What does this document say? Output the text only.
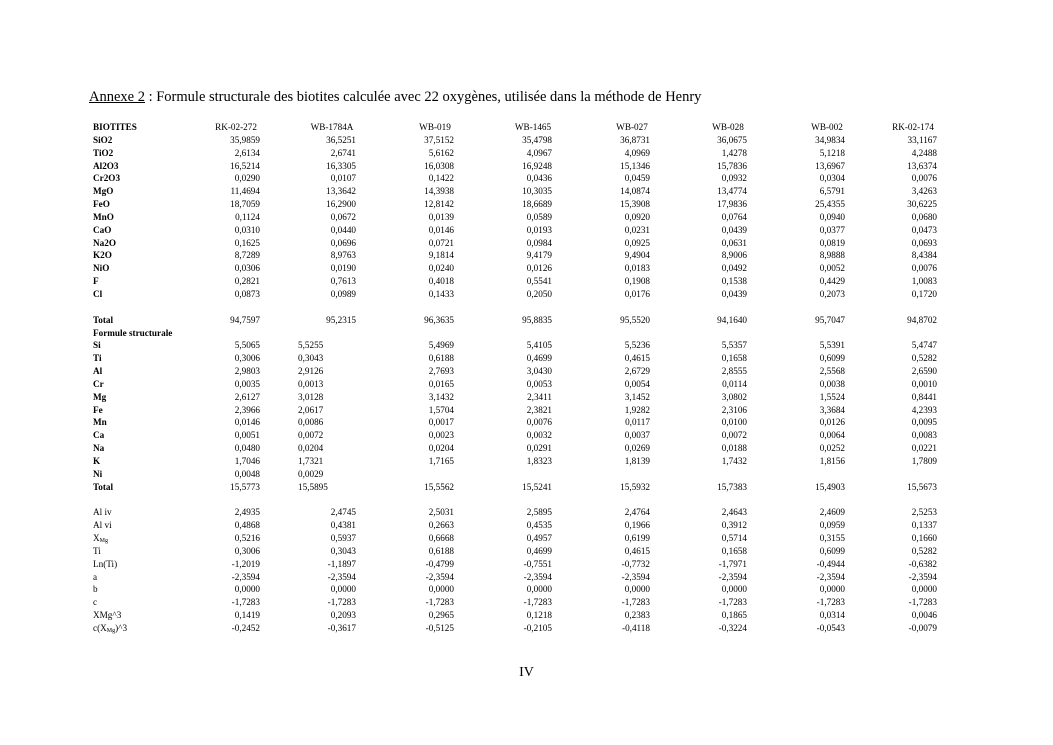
Annexe 2 : Formule structurale des biotites calculée avec 22 oxygènes, utilisée dans la méthode de Henry
BIOTITES	RK-02-272	WB-1784A	WB-019	WB-1465	WB-027	WB-028	WB-002	RK-02-174
SiO2	35,9859	36,5251	37,5152	35,4798	36,8731	36,0675	34,9834	33,1167
TiO2	2,6134	2,6741	5,6162	4,0967	4,0969	1,4278	5,1218	4,2488
Al2O3	16,5214	16,3305	16,0308	16,9248	15,1346	15,7836	13,6967	13,6374
Cr2O3	0,0290	0,0107	0,1422	0,0436	0,0459	0,0932	0,0304	0,0076
MgO	11,4694	13,3642	14,3938	10,3035	14,0874	13,4774	6,5791	3,4263
FeO	18,7059	16,2900	12,8142	18,6689	15,3908	17,9836	25,4355	30,6225
MnO	0,1124	0,0672	0,0139	0,0589	0,0920	0,0764	0,0940	0,0680
CaO	0,0310	0,0440	0,0146	0,0193	0,0231	0,0439	0,0377	0,0473
Na2O	0,1625	0,0696	0,0721	0,0984	0,0925	0,0631	0,0819	0,0693
K2O	8,7289	8,9763	9,1814	9,4179	9,4904	8,9006	8,9888	8,4384
NiO	0,0306	0,0190	0,0240	0,0126	0,0183	0,0492	0,0052	0,0076
F	0,2821	0,7613	0,4018	0,5541	0,1908	0,1538	0,4429	1,0083
Cl	0,0873	0,0989	0,1433	0,2050	0,0176	0,0439	0,2073	0,1720
Total	94,7597	95,2315	96,3635	95,8835	95,5520	94,1640	95,7047	94,8702
Formule structurale
Si	5,5065	5,5255	5,4969	5,4105	5,5236	5,5357	5,5391	5,4747
Ti	0,3006	0,3043	0,6188	0,4699	0,4615	0,1658	0,6099	0,5282
Al	2,9803	2,9126	2,7693	3,0430	2,6729	2,8555	2,5568	2,6590
Cr	0,0035	0,0013	0,0165	0,0053	0,0054	0,0114	0,0038	0,0010
Mg	2,6127	3,0128	3,1432	2,3411	3,1452	3,0802	1,5524	0,8441
Fe	2,3966	2,0617	1,5704	2,3821	1,9282	2,3106	3,3684	4,2393
Mn	0,0146	0,0086	0,0017	0,0076	0,0117	0,0100	0,0126	0,0095
Ca	0,0051	0,0072	0,0023	0,0032	0,0037	0,0072	0,0064	0,0083
Na	0,0480	0,0204	0,0204	0,0291	0,0269	0,0188	0,0252	0,0221
K	1,7046	1,7321	1,7165	1,8323	1,8139	1,7432	1,8156	1,7809
Ni	0,0048	0,0029
Total	15,5773	15,5895	15,5562	15,5241	15,5932	15,7383	15,4903	15,5673
Al iv	2,4935	2,4745	2,5031	2,5895	2,4764	2,4643	2,4609	2,5253
Al vi	0,4868	0,4381	0,2663	0,4535	0,1966	0,3912	0,0959	0,1337
$X_{Mg}$	0,5216	0,5937	0,6668	0,4957	0,6199	0,5714	0,3155	0,1660
Ti	0,3006	0,3043	0,6188	0,4699	0,4615	0,1658	0,6099	0,5282
Ln(Ti)	-1,2019	-1,1897	-0,4799	-0,7551	-0,7732	-1,7971	-0,4944	-0,6382
a	-2,3594	-2,3594	-2,3594	-2,3594	-2,3594	-2,3594	-2,3594	-2,3594
b	0,0000	0,0000	0,0000	0,0000	0,0000	0,0000	0,0000	0,0000
c	-1,7283	-1,7283	-1,7283	-1,7283	-1,7283	-1,7283	-1,7283	-1,7283
XMg^3	0,1419	0,2093	0,2965	0,1218	0,2383	0,1865	0,0314	0,0046
$c(X_{Mg})\^{}3$	-0,2452	-0,3617	-0,5125	-0,2105	-0,4118	-0,3224	-0,0543	-0,0079
IV
